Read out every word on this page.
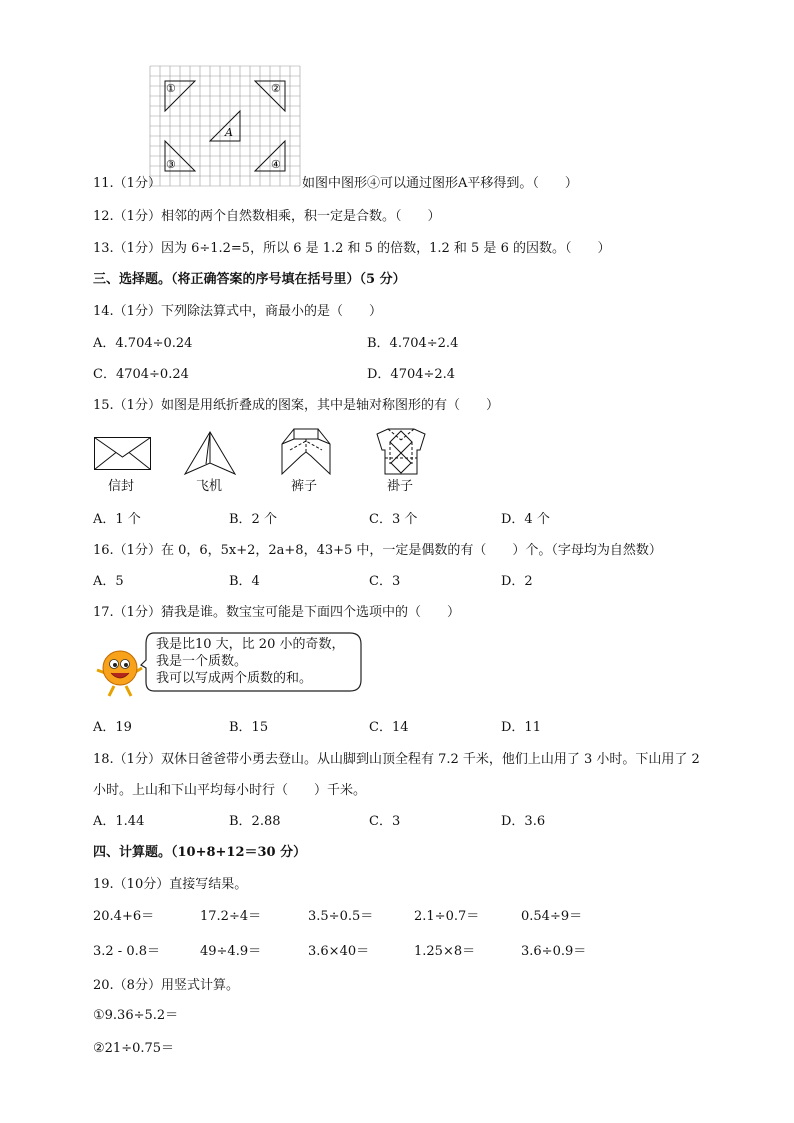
①	②
A
③	④
11.（1分）	如图中图形④可以通过图形A平移得到。（　　）
12.（1分）相邻的两个自然数相乘，积一定是合数。（　　）
13.（1分）因为 6÷1.2=5，所以 6 是 1.2 和 5 的倍数，1.2 和 5 是 6 的因数。（　　）
三、选择题。（将正确答案的序号填在括号里）（5 分）
14.（1分）下列除法算式中，商最小的是（　　）
A．4.704÷0.24	B．4.704÷2.4
C．4704÷0.24	D．4704÷2.4
15.（1分）如图是用纸折叠成的图案，其中是轴对称图形的有（　　）
信封	飞机	裤子	褂子
A．1 个	B．2 个	C．3 个	D．4 个
16.（1分）在 0，6，5x+2，2a+8，43+5 中，一定是偶数的有（　　）个。（字母均为自然数）
A．5	B．4	C．3	D．2
17.（1分）猜我是谁。数宝宝可能是下面四个选项中的（　　）
我是比10 大，比 20 小的奇数，
我是一个质数。
我可以写成两个质数的和。
A．19	B．15	C．14	D．11
18.（1分）双休日爸爸带小勇去登山。从山脚到山顶全程有 7.2 千米，他们上山用了 3 小时。下山用了 2
小时。上山和下山平均每小时行（　　）千米。
A．1.44	B．2.88	C．3	D．3.6
四、计算题。（10+8+12＝30 分）
19.（10分）直接写结果。
20.4+6＝	17.2÷4＝	3.5÷0.5＝	2.1÷0.7＝	0.54÷9＝
3.2 - 0.8＝	49÷4.9＝	3.6×40＝	1.25×8＝	3.6÷0.9＝
20.（8分）用竖式计算。
①9.36÷5.2＝
②21÷0.75＝
